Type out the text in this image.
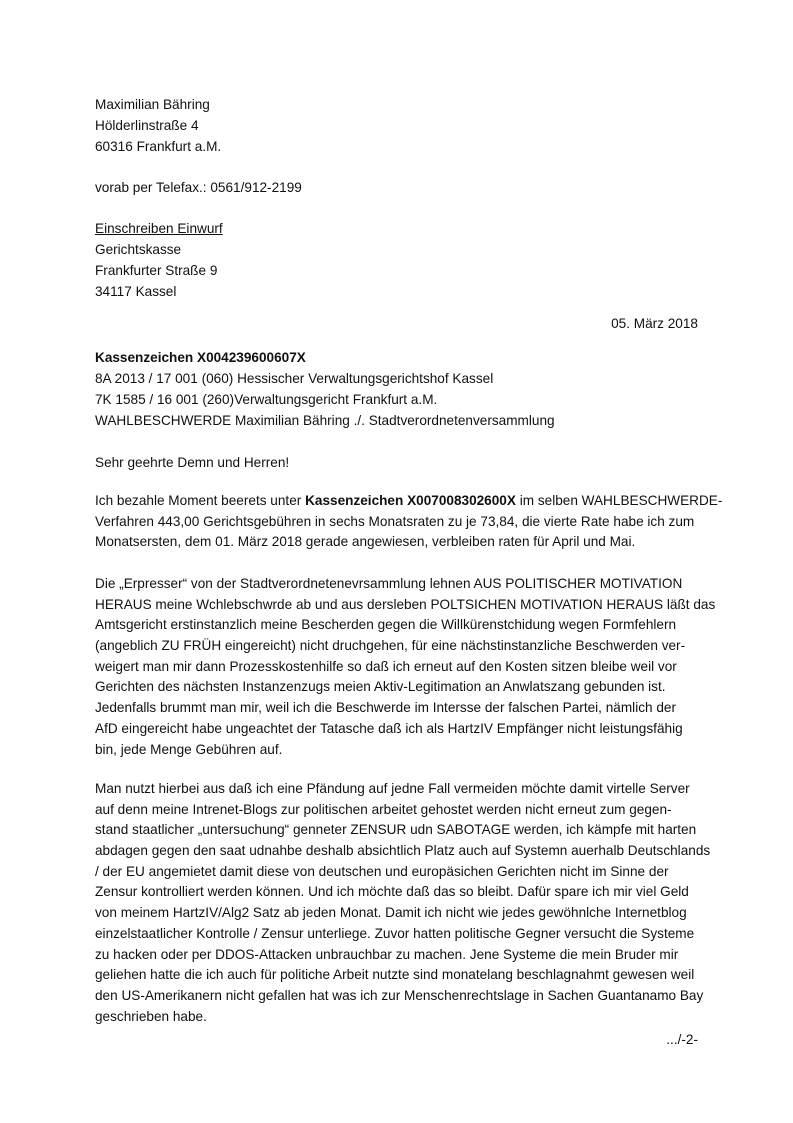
Maximilian Bähring
Hölderlinstraße 4
60316 Frankfurt a.M.
vorab per Telefax.: 0561/912-2199
Einschreiben Einwurf
Gerichtskasse
Frankfurter Straße 9
34117 Kassel
05. März 2018
Kassenzeichen X004239600607X
8A 2013 / 17 001 (060) Hessischer Verwaltungsgerichtshof Kassel
7K 1585 / 16 001 (260)Verwaltungsgericht Frankfurt a.M.
WAHLBESCHWERDE Maximilian Bähring ./. Stadtverordnetenversammlung
Sehr geehrte Demn und Herren!
Ich bezahle Moment beerets unter Kassenzeichen X007008302600X im selben WAHLBESCHWERDE-
Verfahren 443,00 Gerichtsgebühren in sechs Monatsraten zu je 73,84, die vierte Rate habe ich zum
Monatsersten, dem 01. März 2018 gerade angewiesen, verbleiben raten für April und Mai.
Die „Erpresser“ von der Stadtverordnetenevrsammlung lehnen AUS POLITISCHER MOTIVATION
HERAUS meine Wchlebschwrde ab und aus dersleben POLTSICHEN MOTIVATION HERAUS läßt das
Amtsgericht erstinstanzlich meine Bescherden gegen die Willkürenstchidung wegen Formfehlern
(angeblich ZU FRÜH eingereicht) nicht druchgehen, für eine nächstinstanzliche Beschwerden ver-
weigert man mir dann Prozesskostenhilfe so daß ich erneut auf den Kosten sitzen bleibe weil vor
Gerichten des nächsten Instanzenzugs meien Aktiv-Legitimation an Anwlatszang gebunden ist.
Jedenfalls brummt man mir, weil ich die Beschwerde im Intersse der falschen Partei, nämlich der
AfD eingereicht habe ungeachtet der Tatasche daß ich als HartzIV Empfänger nicht leistungsfähig
bin, jede Menge Gebühren auf.
Man nutzt hierbei aus daß ich eine Pfändung auf jedne Fall vermeiden möchte damit virtelle Server
auf denn meine Intrenet-Blogs zur politischen arbeitet gehostet werden nicht erneut zum gegen-
stand staatlicher „untersuchung“ genneter ZENSUR udn SABOTAGE werden, ich kämpfe mit harten
abdagen gegen den saat udnahbe deshalb absichtlich Platz auch auf Systemn auerhalb Deutschlands
/ der EU angemietet damit diese von deutschen und europäsichen Gerichten nicht im Sinne der
Zensur kontrolliert werden können. Und ich möchte daß das so bleibt. Dafür spare ich mir viel Geld
von meinem HartzIV/Alg2 Satz ab jeden Monat. Damit ich nicht wie jedes gewöhnlche Internetblog
einzelstaatlicher Kontrolle / Zensur unterliege. Zuvor hatten politische Gegner versucht die Systeme
zu hacken oder per DDOS-Attacken unbrauchbar zu machen. Jene Systeme die mein Bruder mir
geliehen hatte die ich auch für politiche Arbeit nutzte sind monatelang beschlagnahmt gewesen weil
den US-Amerikanern nicht gefallen hat was ich zur Menschenrechtslage in Sachen Guantanamo Bay
geschrieben habe.
.../-2-
